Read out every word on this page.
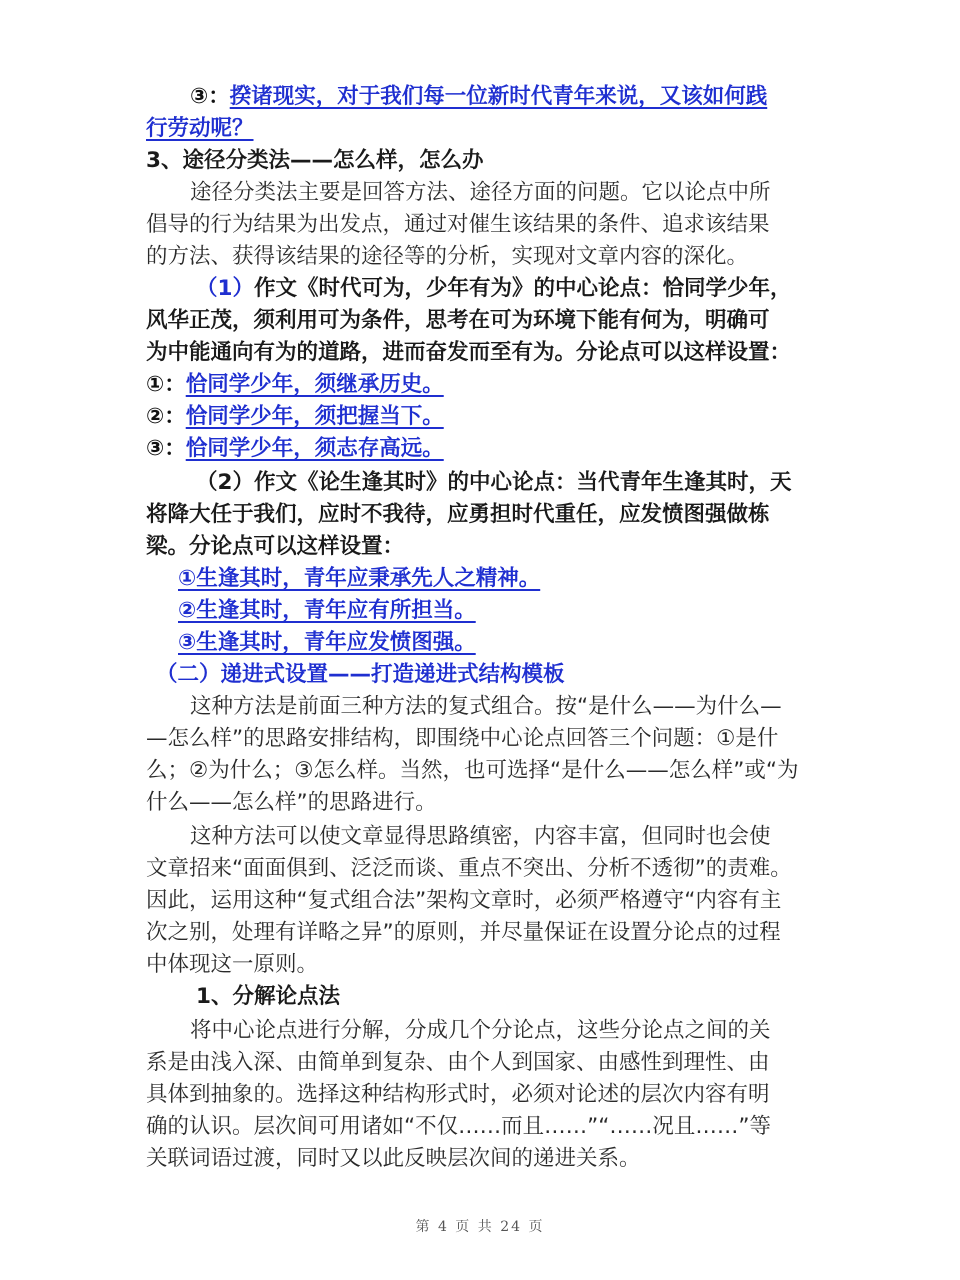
③：揆诸现实，对于我们每一位新时代青年来说，又该如何践
行劳动呢？
3、途径分类法——怎么样，怎么办
途径分类法主要是回答方法、途径方面的问题。它以论点中所
倡导的行为结果为出发点，通过对催生该结果的条件、追求该结果
的方法、获得该结果的途径等的分析，实现对文章内容的深化。
（1）作文《时代可为，少年有为》的中心论点：恰同学少年，
风华正茂，须利用可为条件，思考在可为环境下能有何为，明确可
为中能通向有为的道路，进而奋发而至有为。分论点可以这样设置：
①：恰同学少年，须继承历史。
②：恰同学少年，须把握当下。
③：恰同学少年，须志存高远。
（2）作文《论生逢其时》的中心论点：当代青年生逢其时，天
将降大任于我们，应时不我待，应勇担时代重任，应发愤图强做栋
梁。分论点可以这样设置：
①生逢其时，青年应秉承先人之精神。
②生逢其时，青年应有所担当。
③生逢其时，青年应发愤图强。
（二）递进式设置——打造递进式结构模板
这种方法是前面三种方法的复式组合。按“是什么——为什么—
—怎么样”的思路安排结构，即围绕中心论点回答三个问题：①是什
么；②为什么；③怎么样。当然，也可选择“是什么——怎么样”或“为
什么——怎么样”的思路进行。
这种方法可以使文章显得思路缜密，内容丰富，但同时也会使
文章招来“面面俱到、泛泛而谈、重点不突出、分析不透彻”的责难。
因此，运用这种“复式组合法”架构文章时，必须严格遵守“内容有主
次之别，处理有详略之异”的原则，并尽量保证在设置分论点的过程
中体现这一原则。
1、分解论点法
将中心论点进行分解，分成几个分论点，这些分论点之间的关
系是由浅入深、由简单到复杂、由个人到国家、由感性到理性、由
具体到抽象的。选择这种结构形式时，必须对论述的层次内容有明
确的认识。层次间可用诸如“不仅……而且……”“……况且……”等
关联词语过渡，同时又以此反映层次间的递进关系。
第 4 页 共 24 页
